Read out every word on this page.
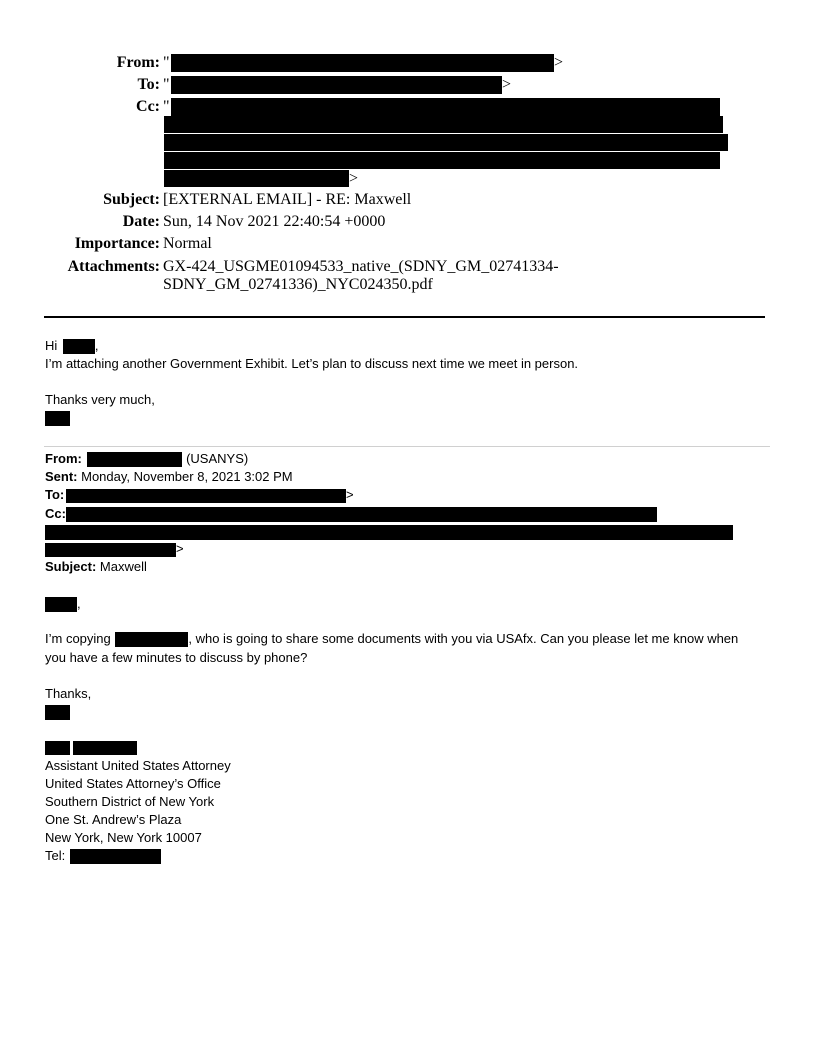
From: "	>
To: "	>
Cc: "
>
Subject: [EXTERNAL EMAIL] - RE: Maxwell
Date: Sun, 14 Nov 2021 22:40:54 +0000
Importance: Normal
Attachments: GX-424_USGME01094533_native_(SDNY_GM_02741334-
SDNY_GM_02741336)_NYC024350.pdf
Hi	,
I’m attaching another Government Exhibit. Let’s plan to discuss next time we meet in person.
Thanks very much,
From:	(USANYS)
Sent: Monday, November 8, 2021 3:02 PM
To:	>
Cc:
>
Subject: Maxwell
,
I’m copying	, who is going to share some documents with you via USAfx. Can you please let me know when
you have a few minutes to discuss by phone?
Thanks,
Assistant United States Attorney
United States Attorney’s Office
Southern District of New York
One St. Andrew’s Plaza
New York, New York 10007
Tel:
